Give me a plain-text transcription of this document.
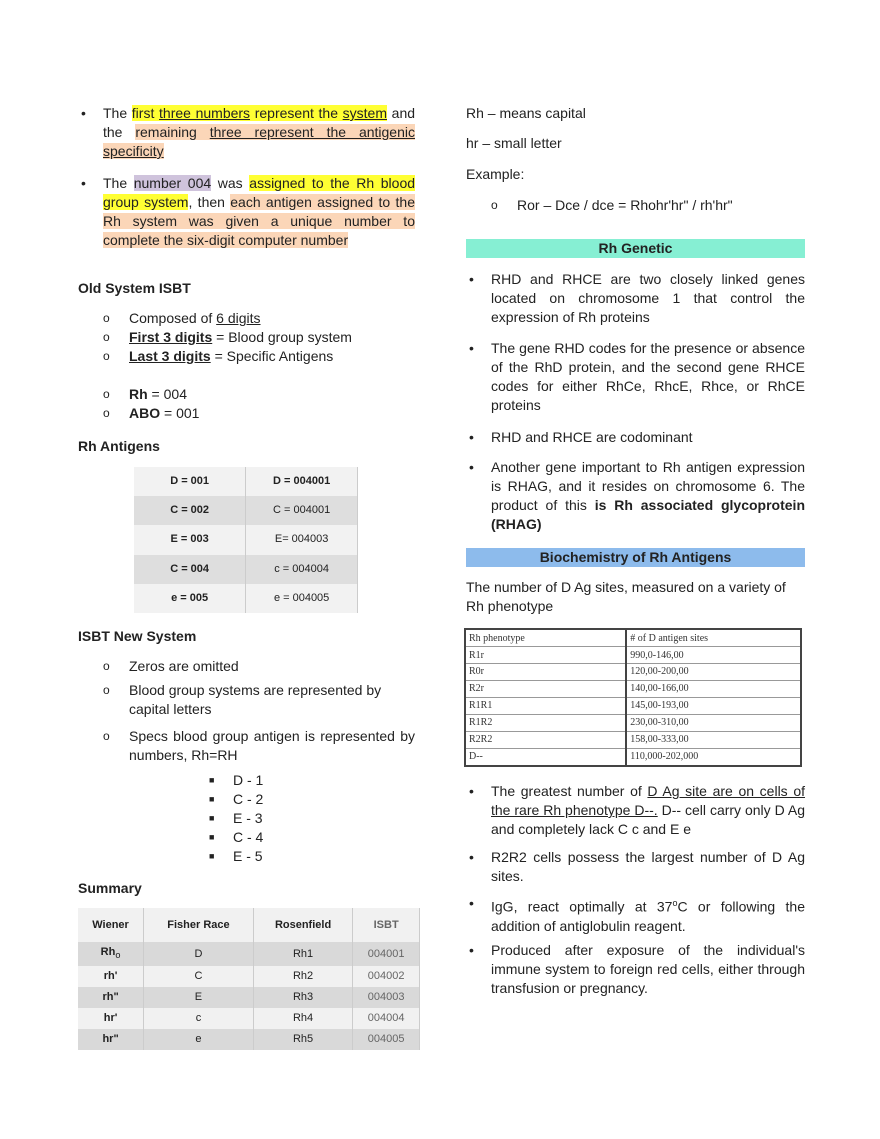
• The first three numbers represent the system and the remaining three represent the antigenic specificity
• The number 004 was assigned to the Rh blood group system, then each antigen assigned to the Rh system was given a unique number to complete the six-digit computer number
Old System ISBT
o Composed of 6 digits
o First 3 digits = Blood group system
o Last 3 digits = Specific Antigens
o Rh = 004
o ABO = 001
Rh Antigens
D = 001	D = 004001
C = 002	C = 004001
E = 003	E= 004003
C = 004	c = 004004
e = 005	e = 004005
ISBT New System
o Zeros are omitted
o Blood group systems are represented by capital letters
o Specs blood group antigen is represented by numbers, Rh=RH
■ D - 1
■ C - 2
■ E - 3
■ C - 4
■ E - 5
Summary
Wiener	Fisher Race	Rosenfield	ISBT
$Rh_o$	D	Rh1	004001
rh'	C	Rh2	004002
rh"	E	Rh3	004003
hr'	c	Rh4	004004
hr"	e	Rh5	004005
Rh – means capital
hr – small letter
Example:
o Ror – Dce / dce = Rhohr'hr" / rh'hr"
Rh Genetic
• RHD and RHCE are two closely linked genes located on chromosome 1 that control the expression of Rh proteins
• The gene RHD codes for the presence or absence of the RhD protein, and the second gene RHCE codes for either RhCe, RhcE, Rhce, or RhCE proteins
• RHD and RHCE are codominant
• Another gene important to Rh antigen expression is RHAG, and it resides on chromosome 6. The product of this is Rh associated glycoprotein (RHAG)
Biochemistry of Rh Antigens
The number of D Ag sites, measured on a variety of Rh phenotype
Rh phenotype	# of D antigen sites
R1r	990,0-146,00
R0r	120,00-200,00
R2r	140,00-166,00
R1R1	145,00-193,00
R1R2	230,00-310,00
R2R2	158,00-333,00
D--	110,000-202,000
• The greatest number of D Ag site are on cells of the rare Rh phenotype D--. D-- cell carry only D Ag and completely lack C c and E e
• R2R2 cells possess the largest number of D Ag sites.
• IgG, react optimally at 37$^o$C or following the addition of antiglobulin reagent.
• Produced after exposure of the individual's immune system to foreign red cells, either through transfusion or pregnancy.
